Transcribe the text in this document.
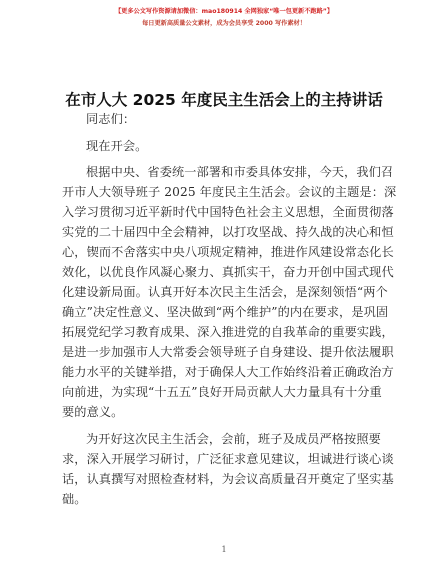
【更多公文写作资源请加微信：mao180914 全网独家“唯一包更新不跑路”】
每日更新高质量公文素材，成为会员享受 2000 写作素材！
在市人大 2025 年度民主生活会上的主持讲话
同志们：
现在开会。
根据中央、省委统一部署和市委具体安排，今天，我们召
开市人大领导班子 2025 年度民主生活会。会议的主题是：深
入学习贯彻习近平新时代中国特色社会主义思想，全面贯彻落
实党的二十届四中全会精神，以打攻坚战、持久战的决心和恒
心，锲而不舍落实中央八项规定精神，推进作风建设常态化长
效化，以优良作风凝心聚力、真抓实干，奋力开创中国式现代
化建设新局面。认真开好本次民主生活会，是深刻领悟“两个
确立”决定性意义、坚决做到“两个维护”的内在要求，是巩固
拓展党纪学习教育成果、深入推进党的自我革命的重要实践，
是进一步加强市人大常委会领导班子自身建设、提升依法履职
能力水平的关键举措，对于确保人大工作始终沿着正确政治方
向前进，为实现“十五五”良好开局贡献人大力量具有十分重
要的意义。
为开好这次民主生活会，会前，班子及成员严格按照要
求，深入开展学习研讨，广泛征求意见建议，坦诚进行谈心谈
话，认真撰写对照检查材料，为会议高质量召开奠定了坚实基
础。
1
